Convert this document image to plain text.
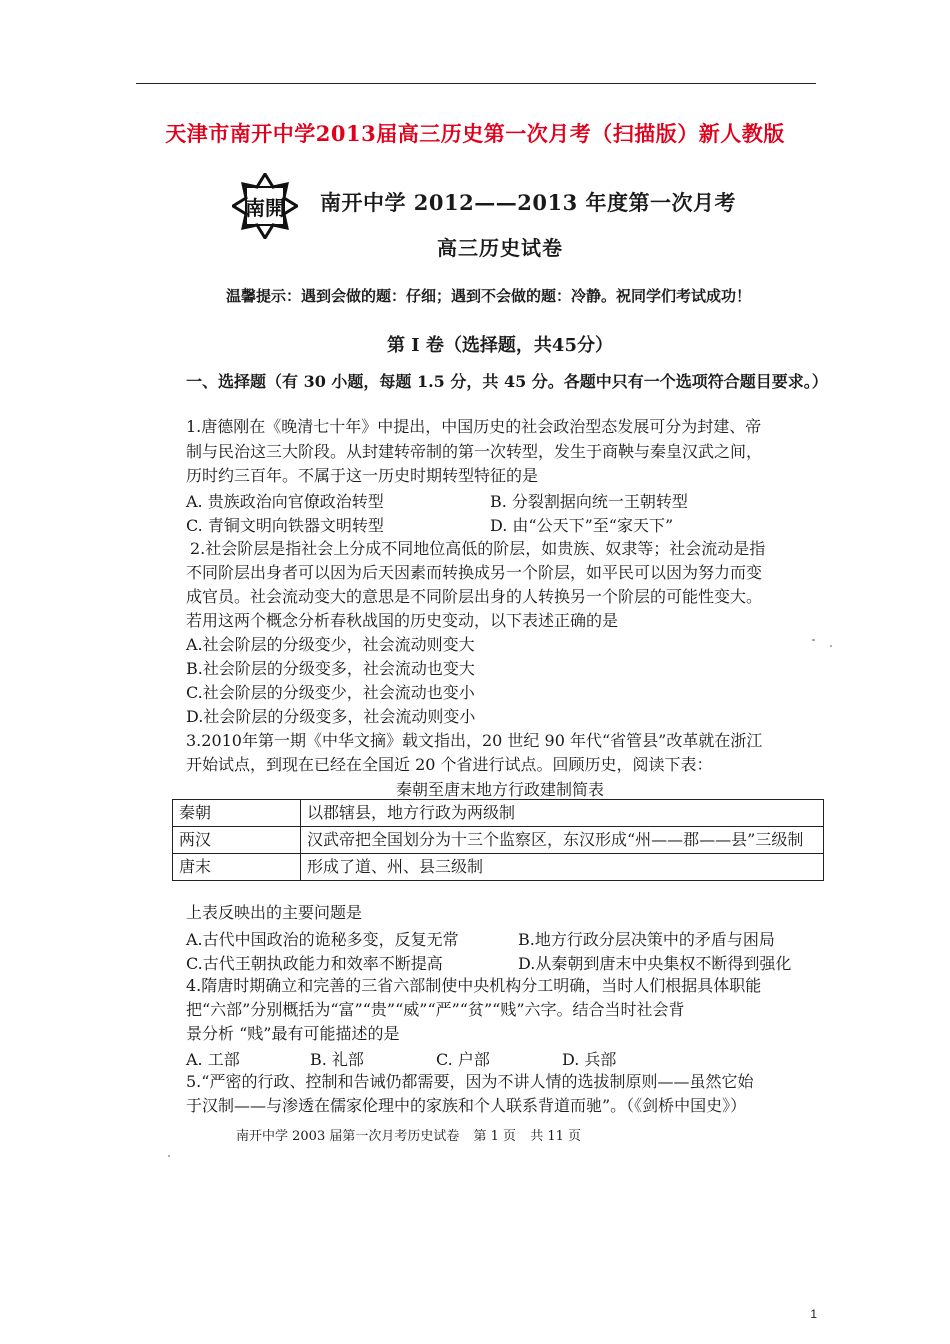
天津市南开中学2013届高三历史第一次月考（扫描版）新人教版
南開 南开中学 2012——2013 年度第一次月考
高三历史试卷
温馨提示：遇到会做的题：仔细；遇到不会做的题：冷静。祝同学们考试成功！
第 I 卷（选择题，共45分）
一、选择题（有 30 小题，每题 1.5 分，共 45 分。各题中只有一个选项符合题目要求。）
1.唐德刚在《晚清七十年》中提出，中国历史的社会政治型态发展可分为封建、帝
制与民治这三大阶段。从封建转帝制的第一次转型，发生于商鞅与秦皇汉武之间，
历时约三百年。不属于这一历史时期转型特征的是
A. 贵族政治向官僚政治转型	B. 分裂割据向统一王朝转型
C. 青铜文明向铁器文明转型	D. 由“公天下”至“家天下”
2.社会阶层是指社会上分成不同地位高低的阶层，如贵族、奴隶等；社会流动是指
不同阶层出身者可以因为后天因素而转换成另一个阶层，如平民可以因为努力而变
成官员。社会流动变大的意思是不同阶层出身的人转换另一个阶层的可能性变大。
若用这两个概念分析春秋战国的历史变动，以下表述正确的是
A.社会阶层的分级变少，社会流动则变大
B.社会阶层的分级变多，社会流动也变大
C.社会阶层的分级变少，社会流动也变小
D.社会阶层的分级变多，社会流动则变小
3.2010年第一期《中华文摘》载文指出，20 世纪 90 年代“省管县”改革就在浙江
开始试点，到现在已经在全国近 20 个省进行试点。回顾历史，阅读下表：
秦朝至唐末地方行政建制简表
秦朝	以郡辖县，地方行政为两级制
两汉	汉武帝把全国划分为十三个监察区，东汉形成“州——郡——县”三级制
唐末	形成了道、州、县三级制
上表反映出的主要问题是
A.古代中国政治的诡秘多变，反复无常	B.地方行政分层决策中的矛盾与困局
C.古代王朝执政能力和效率不断提高	D.从秦朝到唐末中央集权不断得到强化
4.隋唐时期确立和完善的三省六部制使中央机构分工明确，当时人们根据具体职能
把“六部”分别概括为“富”“贵”“威”“严”“贫”“贱”六字。结合当时社会背
景分析 “贱”最有可能描述的是
A. 工部	B. 礼部	C. 户部	D. 兵部
5.“严密的行政、控制和告诫仍都需要，因为不讲人情的选拔制原则——虽然它始
于汉制——与渗透在儒家伦理中的家族和个人联系背道而驰”。（《剑桥中国史》）
南开中学 2003 届第一次月考历史试卷 第 1 页 共 11 页
1
